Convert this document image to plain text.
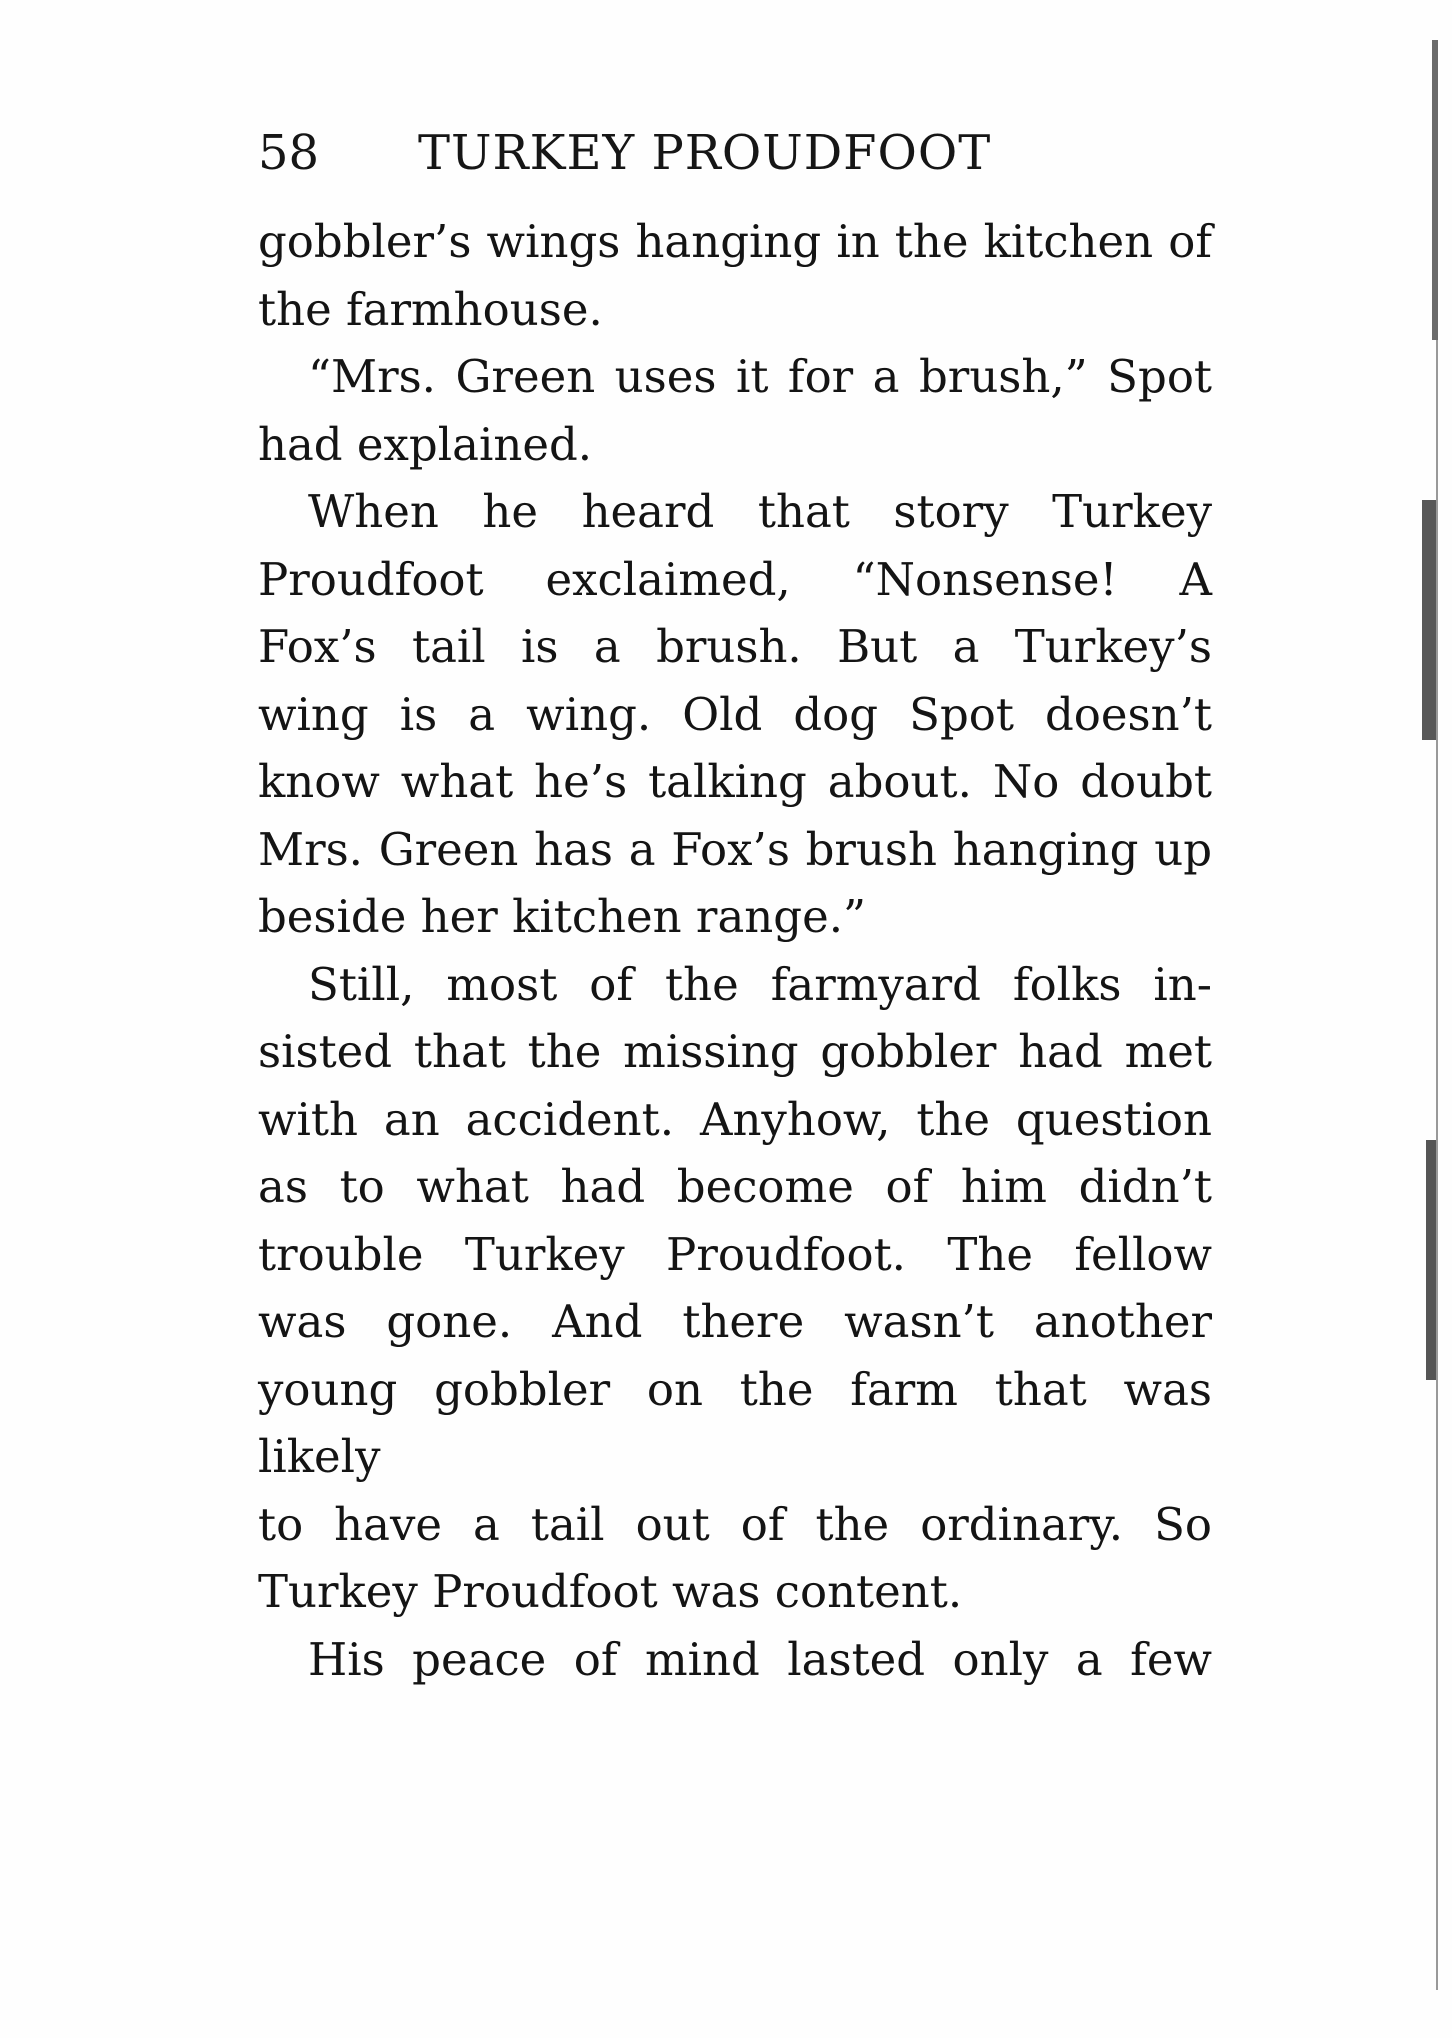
58 TURKEY PROUDFOOT

gobbler’s wings hanging in the kitchen of

the farmhouse.

“Mrs. Green uses it for a brush,” Spot

had explained.

When he heard that story Turkey

Proudfoot exclaimed, “Nonsense! A

Fox’s tail is a brush. But a Turkey’s

wing is a wing. Old dog Spot doesn’t

know what he’s talking about. No doubt

Mrs. Green has a Fox’s brush hanging up

beside her kitchen range.”

Still, most of the farmyard folks in-

sisted that the missing gobbler had met

with an accident. Anyhow, the question

as to what had become of him didn’t

trouble Turkey Proudfoot. The fellow

was gone. And there wasn’t another

young gobbler on the farm that was likely

to have a tail out of the ordinary. So

Turkey Proudfoot was content.

His peace of mind lasted only a few
